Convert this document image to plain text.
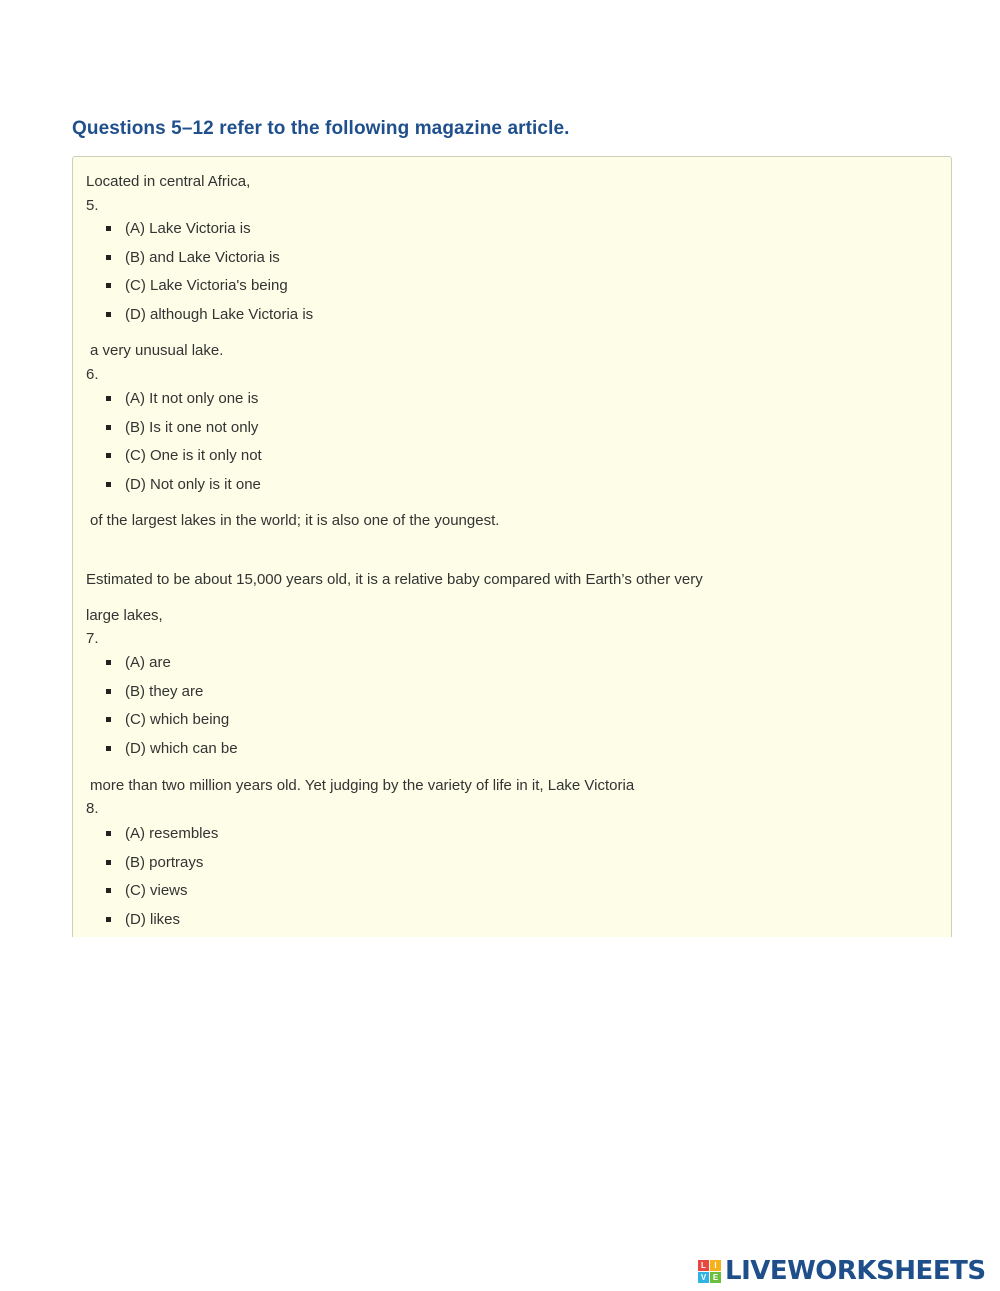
Questions 5–12 refer to the following magazine article.

Located in central Africa,

5.

(A) Lake Victoria is
(B) and Lake Victoria is
(C) Lake Victoria's being
(D) although Lake Victoria is

a very unusual lake.

6.

(A) It not only one is
(B) Is it one not only
(C) One is it only not
(D) Not only is it one

of the largest lakes in the world; it is also one of the youngest.

Estimated to be about 15,000 years old, it is a relative baby compared with Earth’s other very

large lakes,

7.

(A) are
(B) they are
(C) which being
(D) which can be

more than two million years old. Yet judging by the variety of life in it, Lake Victoria

8.

(A) resembles
(B) portrays
(C) views
(D) likes
L	I
V E LIVEWORKSHEETS
